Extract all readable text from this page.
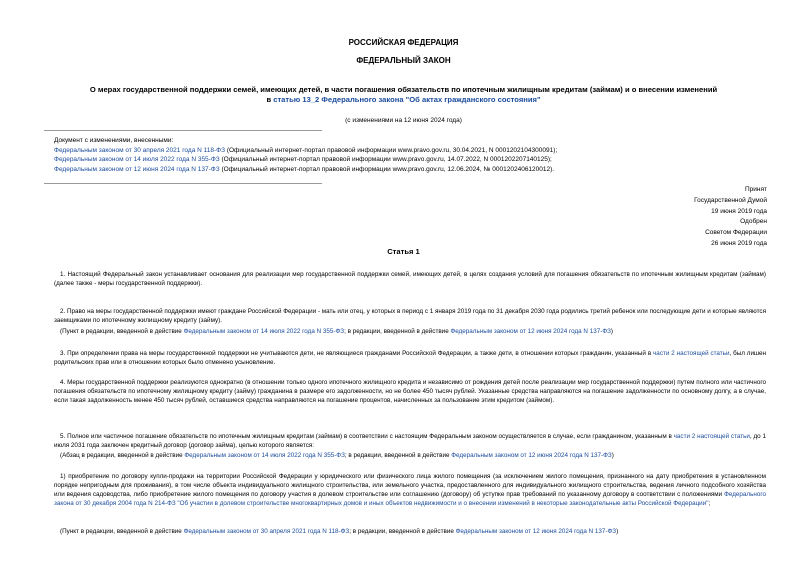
РОССИЙСКАЯ ФЕДЕРАЦИЯ
ФЕДЕРАЛЬНЫЙ ЗАКОН
О мерах государственной поддержки семей, имеющих детей, в части погашения обязательств по ипотечным жилищным кредитам (займам) и о внесении изменений
в статью 13_2 Федерального закона "Об актах гражданского состояния"
(с изменениями на 12 июня 2024 года)
Документ с изменениями, внесенными:
Федеральным законом от 30 апреля 2021 года N 118-ФЗ (Официальный интернет-портал правовой информации www.pravo.gov.ru, 30.04.2021, N 0001202104300091);
Федеральным законом от 14 июля 2022 года N 355-ФЗ (Официальный интернет-портал правовой информации www.pravo.gov.ru, 14.07.2022, N 0001202207140125);
Федеральным законом от 12 июня 2024 года N 137-ФЗ (Официальный интернет-портал правовой информации www.pravo.gov.ru, 12.06.2024, № 0001202406120012).
Принят
Государственной Думой
19 июня 2019 года
Одобрен
Советом Федерации
26 июня 2019 года
Статья 1
1. Настоящий Федеральный закон устанавливает основания для реализации мер государственной поддержки семей, имеющих детей, в целях создания условий для погашения обязательств по ипотечным жилищным кредитам (займам) (далее также - меры государственной поддержки).
2. Право на меры государственной поддержки имеют граждане Российской Федерации - мать или отец, у которых в период с 1 января 2019 года по 31 декабря 2030 года родились третий ребенок или последующие дети и которые являются заемщиками по ипотечному жилищному кредиту (займу).
(Пункт в редакции, введенной в действие Федеральным законом от 14 июля 2022 года N 355-ФЗ; в редакции, введенной в действие Федеральным законом от 12 июня 2024 года N 137-ФЗ)
3. При определении права на меры государственной поддержки не учитываются дети, не являющиеся гражданами Российской Федерации, а также дети, в отношении которых гражданин, указанный в части 2 настоящей статьи, был лишен родительских прав или в отношении которых было отменено усыновление.
4. Меры государственной поддержки реализуются однократно (в отношении только одного ипотечного жилищного кредита и независимо от рождения детей после реализации мер государственной поддержки) путем полного или частичного погашения обязательств по ипотечному жилищному кредиту (займу) гражданина в размере его задолженности, но не более 450 тысяч рублей. Указанные средства направляются на погашение задолженности по основному долгу, а в случае, если такая задолженность менее 450 тысяч рублей, оставшиеся средства направляются на погашение процентов, начисленных за пользование этим кредитом (займом).
5. Полное или частичное погашение обязательств по ипотечным жилищным кредитам (займам) в соответствии с настоящим Федеральным законом осуществляется в случае, если гражданином, указанным в части 2 настоящей статьи, до 1 июля 2031 года заключен кредитный договор (договор займа), целью которого является:
(Абзац в редакции, введенной в действие Федеральным законом от 14 июля 2022 года N 355-ФЗ; в редакции, введенной в действие Федеральным законом от 12 июня 2024 года N 137-ФЗ)
1) приобретение по договору купли-продажи на территории Российской Федерации у юридического или физического лица жилого помещения (за исключением жилого помещения, признанного на дату приобретения в установленном порядке непригодным для проживания), в том числе объекта индивидуального жилищного строительства, или земельного участка, предоставленного для индивидуального жилищного строительства, ведения личного подсобного хозяйства или ведения садоводства, либо приобретение жилого помещения по договору участия в долевом строительстве или соглашению (договору) об уступке прав требований по указанному договору в соответствии с положениями Федерального закона от 30 декабря 2004 года N 214-ФЗ "Об участии в долевом строительстве многоквартирных домов и иных объектов недвижимости и о внесении изменений в некоторые законодательные акты Российской Федерации";
(Пункт в редакции, введенной в действие Федеральным законом от 30 апреля 2021 года N 118-ФЗ; в редакции, введенной в действие Федеральным законом от 12 июня 2024 года N 137-ФЗ)
